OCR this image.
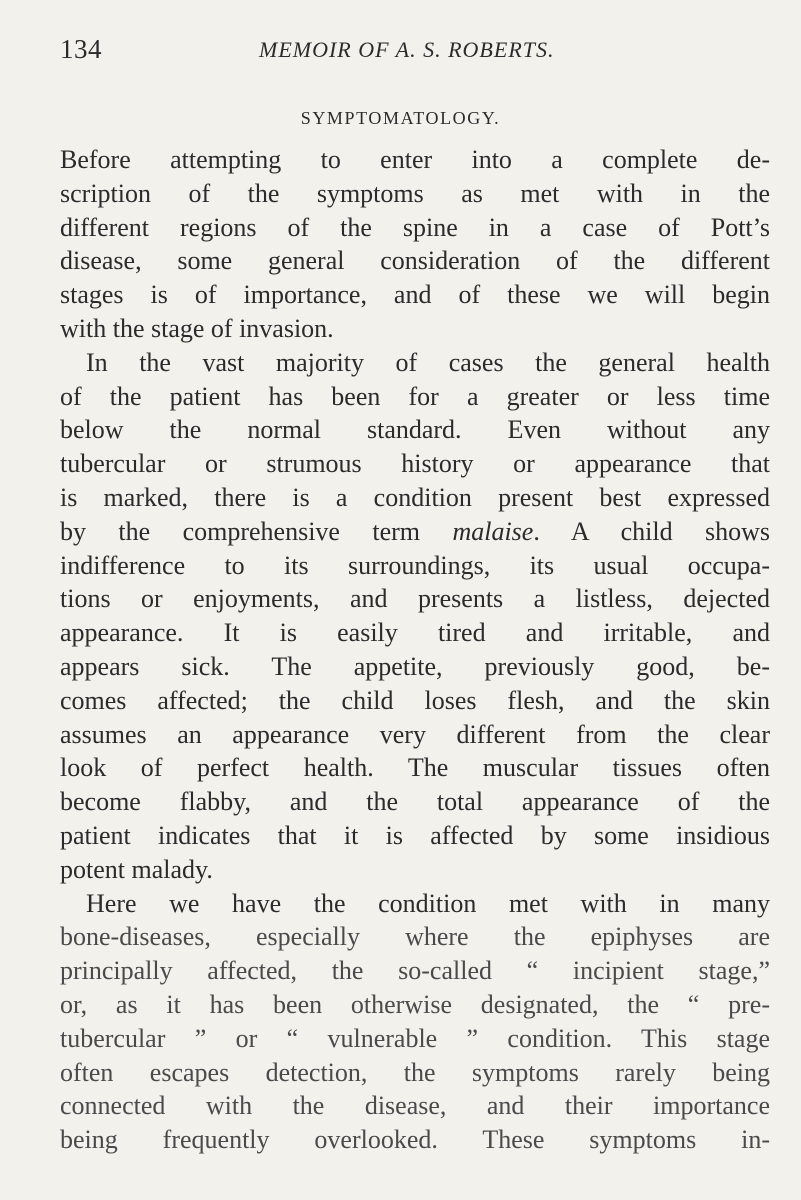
134	MEMOIR OF A. S. ROBERTS.
SYMPTOMATOLOGY.
Before attempting to enter into a complete de-
scription of the symptoms as met with in the
different regions of the spine in a case of Pott’s
disease, some general consideration of the different
stages is of importance, and of these we will begin
with the stage of invasion.
In the vast majority of cases the general health
of the patient has been for a greater or less time
below the normal standard. Even without any
tubercular or strumous history or appearance that
is marked, there is a condition present best expressed
by the comprehensive term malaise. A child shows
indifference to its surroundings, its usual occupa-
tions or enjoyments, and presents a listless, dejected
appearance. It is easily tired and irritable, and
appears sick. The appetite, previously good, be-
comes affected; the child loses flesh, and the skin
assumes an appearance very different from the clear
look of perfect health. The muscular tissues often
become flabby, and the total appearance of the
patient indicates that it is affected by some insidious
potent malady.
Here we have the condition met with in many
bone-diseases, especially where the epiphyses are
principally affected, the so-called “ incipient stage,”
or, as it has been otherwise designated, the “ pre-
tubercular ” or “ vulnerable ” condition. This stage
often escapes detection, the symptoms rarely being
connected with the disease, and their importance
being frequently overlooked. These symptoms in-
